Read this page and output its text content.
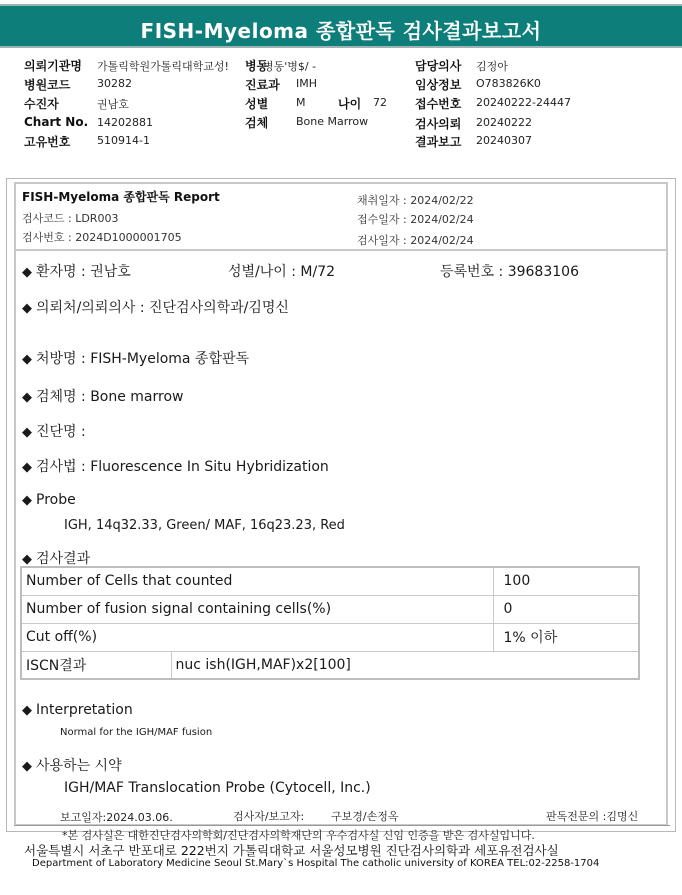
FISH-Myeloma 종합판독 검사결과보고서
의뢰기관명 가톨릭학원가톨릭대학교성!
병원코드 30282
수진자	권남호
Chart No. 14202881
고유번호 510914-1
병동
병동'병$/ -
진료과 IMH
성별	M	나이 72
검체	Bone Marrow
담당의사 김정아
임상정보 O783826K0
접수번호 20240222-24447
검사의뢰 20240222
결과보고 20240307
FISH-Myeloma 종합판독 Report
검사코드 : LDR003
검사번호 : 2024D1000001705
채취일자 : 2024/02/22
접수일자 : 2024/02/24
검사일자 : 2024/02/24
◆ 환자명 : 권남호	성별/나이 : M/72	등록번호 : 39683106
◆ 의뢰처/의뢰의사 : 진단검사의학과/김명신
◆ 처방명 : FISH-Myeloma 종합판독
◆ 검체명 : Bone marrow
◆ 진단명 :
◆ 검사법 : Fluorescence In Situ Hybridization
◆ Probe
IGH, 14q32.33, Green/ MAF, 16q23.23, Red
◆ 검사결과
Number of Cells that counted		100
Number of fusion signal containing cells(%)		0
Cut off(%)		1% 이하
ISCN결과	nuc ish(IGH,MAF)x2[100]	
◆ Interpretation
Normal for the IGH/MAF fusion
◆ 사용하는 시약
IGH/MAF Translocation Probe (Cytocell, Inc.)
보고일자:2024.03.06.	검사자/보고자: 구보경/손정옥	판독전문의 :김명신
*본 검사실은 대한진단검사의학회/진단검사의학재단의 우수검사실 신임 인증을 받은 검사실입니다.
서울특별시 서초구 반포대로 222번지 가톨릭대학교 서울성모병원 진단검사의학과 세포유전검사실
Department of Laboratory Medicine Seoul St.Mary`s Hospital The catholic university of KOREA TEL:02-2258-1704
